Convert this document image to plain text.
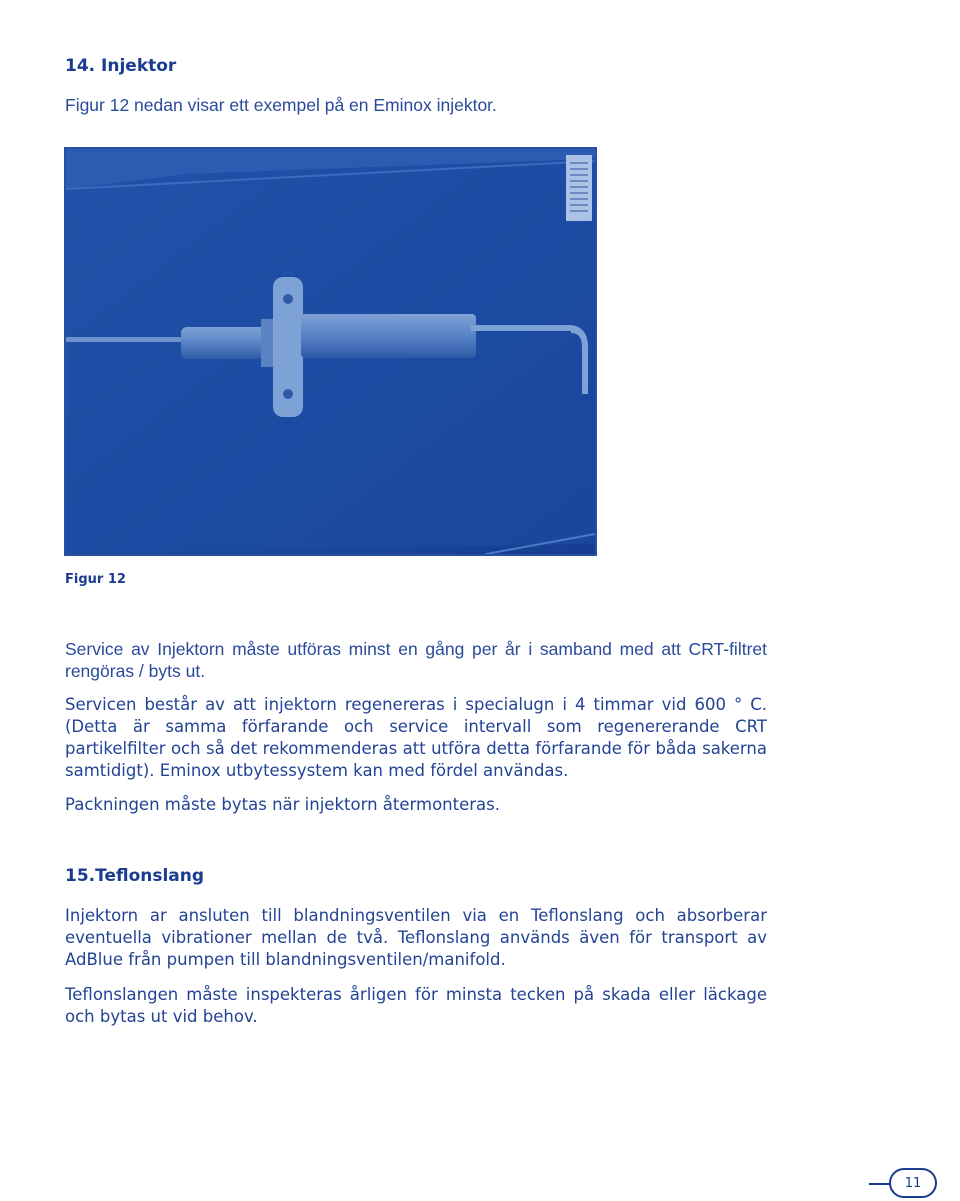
14. Injektor

Figur 12 nedan visar ett exempel på en Eminox injektor.

Figur 12

Service av Injektorn måste utföras minst en gång per år i samband med att CRT-filtret rengöras / byts ut.

Servicen består av att injektorn regenereras i specialugn i 4 timmar vid 600 ° C. (Detta är samma förfarande och service intervall som regenererande CRT partikelfilter och så det rekommenderas att utföra detta förfarande för båda sakerna samtidigt). Eminox utbytessystem kan med fördel användas.

Packningen måste bytas när injektorn återmonteras.

15.Teflonslang

Injektorn ar ansluten till blandningsventilen via en Teflonslang och absorberar eventuella vibrationer mellan de två. Teflonslang används även för transport av AdBlue från pumpen till blandningsventilen/manifold.

Teflonslangen måste inspekteras årligen för minsta tecken på skada eller läckage och bytas ut vid behov.

11
